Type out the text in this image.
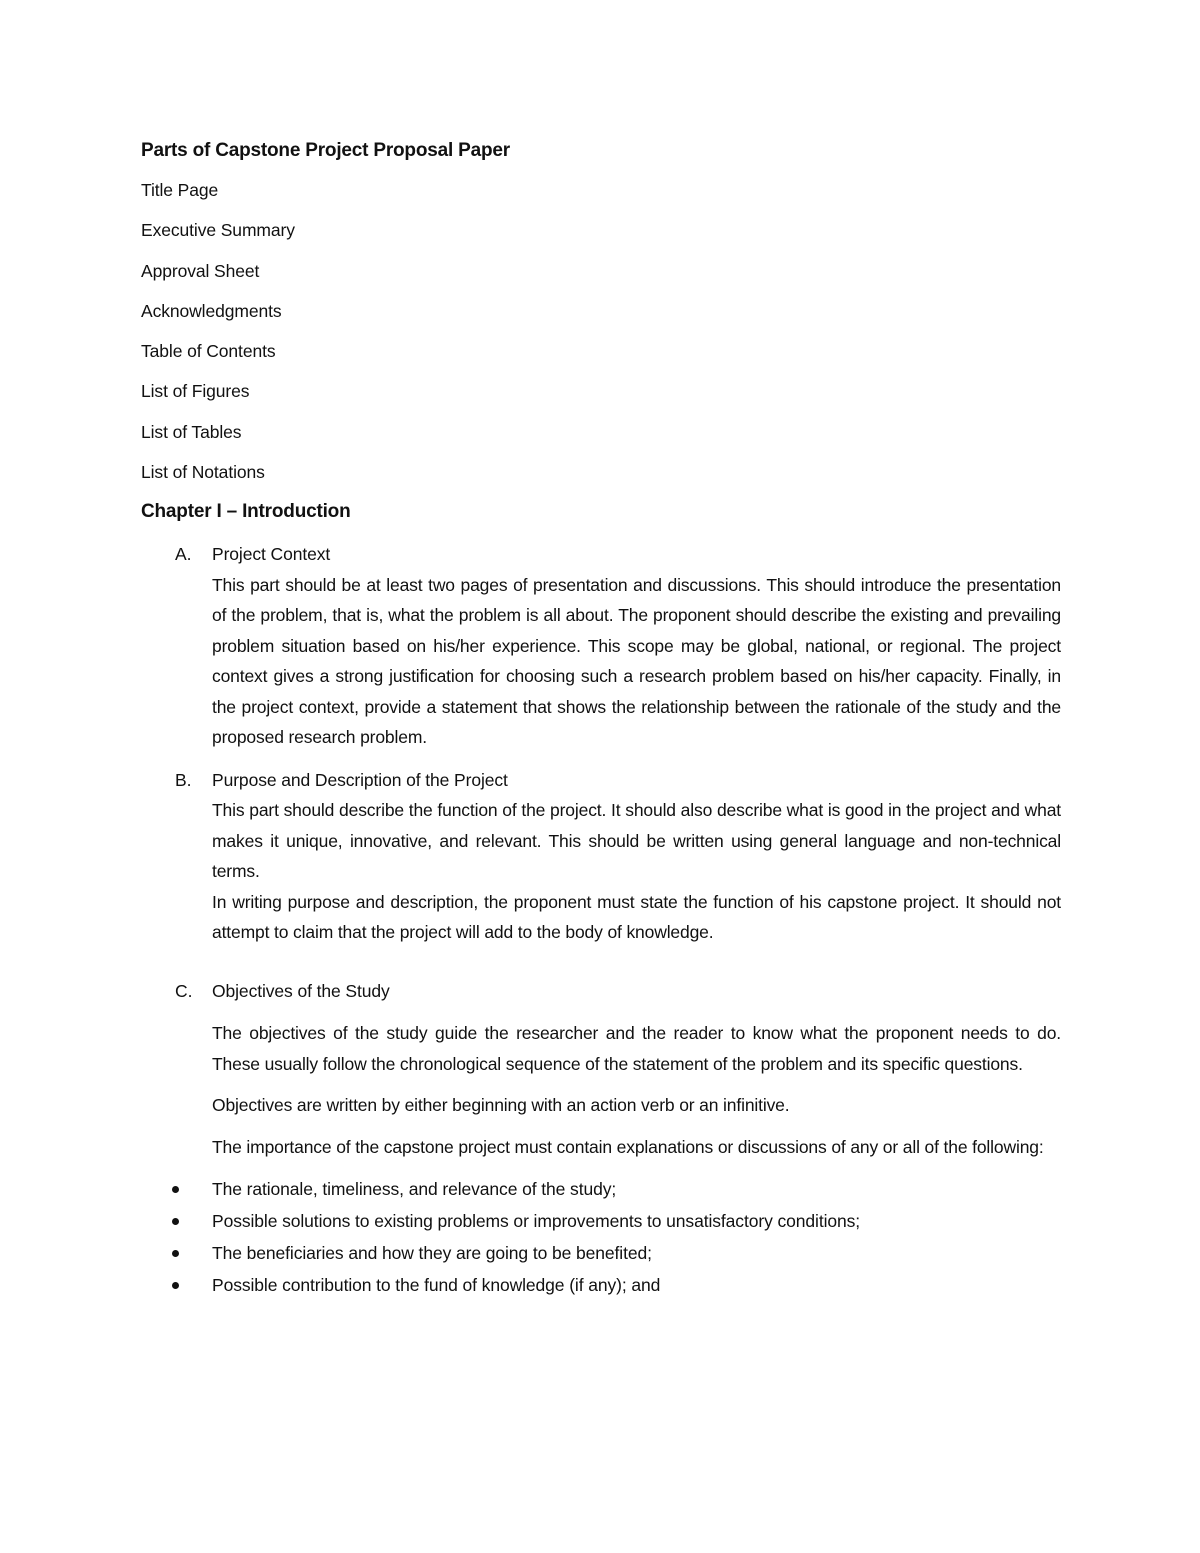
Parts of Capstone Project Proposal Paper
Title Page
Executive Summary
Approval Sheet
Acknowledgments
Table of Contents
List of Figures
List of Tables
List of Notations
Chapter I – Introduction
A. Project Context

This part should be at least two pages of presentation and discussions. This should introduce the presentation of the problem, that is, what the problem is all about. The proponent should describe the existing and prevailing problem situation based on his/her experience. This scope may be global, national, or regional. The project context gives a strong justification for choosing such a research problem based on his/her capacity. Finally, in the project context, provide a statement that shows the relationship between the rationale of the study and the proposed research problem.

B. Purpose and Description of the Project

This part should describe the function of the project. It should also describe what is good in the project and what makes it unique, innovative, and relevant. This should be written using general language and non-technical terms.

In writing purpose and description, the proponent must state the function of his capstone project. It should not attempt to claim that the project will add to the body of knowledge.

C. Objectives of the Study

The objectives of the study guide the researcher and the reader to know what the proponent needs to do. These usually follow the chronological sequence of the statement of the problem and its specific questions.

Objectives are written by either beginning with an action verb or an infinitive.

The importance of the capstone project must contain explanations or discussions of any or all of the following:

The rationale, timeliness, and relevance of the study;
Possible solutions to existing problems or improvements to unsatisfactory conditions;
The beneficiaries and how they are going to be benefited;
Possible contribution to the fund of knowledge (if any); and
